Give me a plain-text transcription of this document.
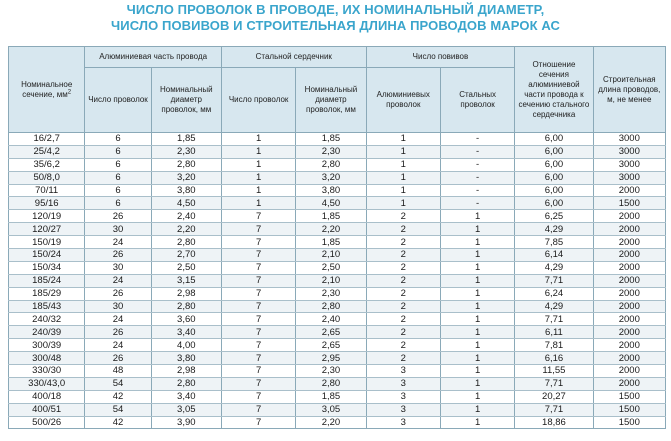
ЧИСЛО ПРОВОЛОК В ПРОВОДЕ, ИХ НОМИНАЛЬНЫЙ ДИАМЕТР,
ЧИСЛО ПОВИВОВ И СТРОИТЕЛЬНАЯ ДЛИНА ПРОВОДОВ МАРОК АС
Номинальное сечение, $мм^2$	Алюминиевая часть провода		Стальной сердечник		Число повивов		Отношение сечения алюминиевой части провода к сечению стального сердечника	Строительная длина проводов, м, не менее
	Число проволок	Номинальный диаметр проволок, мм	Число проволок	Номинальный диаметр проволок, мм	Алюминиевых проволок	Стальных проволок		
16/2,7	6	1,85	1	1,85	1	-	6,00	3000
25/4,2	6	2,30	1	2,30	1	-	6,00	3000
35/6,2	6	2,80	1	2,80	1	-	6,00	3000
50/8,0	6	3,20	1	3,20	1	-	6,00	3000
70/11	6	3,80	1	3,80	1	-	6,00	2000
95/16	6	4,50	1	4,50	1	-	6,00	1500
120/19	26	2,40	7	1,85	2	1	6,25	2000
120/27	30	2,20	7	2,20	2	1	4,29	2000
150/19	24	2,80	7	1,85	2	1	7,85	2000
150/24	26	2,70	7	2,10	2	1	6,14	2000
150/34	30	2,50	7	2,50	2	1	4,29	2000
185/24	24	3,15	7	2,10	2	1	7,71	2000
185/29	26	2,98	7	2,30	2	1	6,24	2000
185/43	30	2,80	7	2,80	2	1	4,29	2000
240/32	24	3,60	7	2,40	2	1	7,71	2000
240/39	26	3,40	7	2,65	2	1	6,11	2000
300/39	24	4,00	7	2,65	2	1	7,81	2000
300/48	26	3,80	7	2,95	2	1	6,16	2000
330/30	48	2,98	7	2,30	3	1	11,55	2000
330/43,0	54	2,80	7	2,80	3	1	7,71	2000
400/18	42	3,40	7	1,85	3	1	20,27	1500
400/51	54	3,05	7	3,05	3	1	7,71	1500
500/26	42	3,90	7	2,20	3	1	18,86	1500
